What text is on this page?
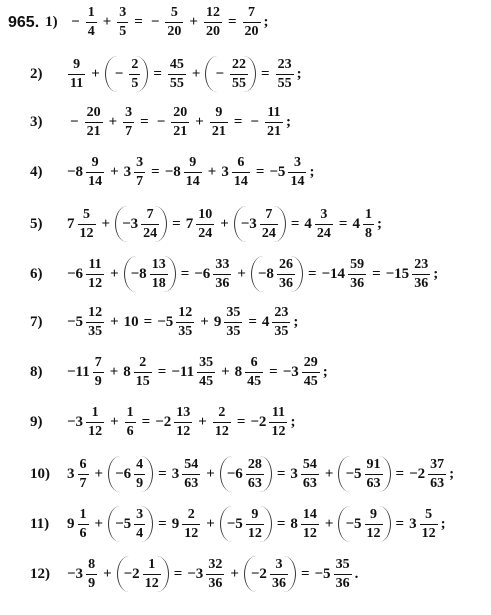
965. $1) - \frac{1}{4} + \frac{3}{5}$ = − $\frac{5}{20} + \frac{12}{20} = \frac{7}{20}$ ;
2)	$\frac{9}{11}$ + − $\frac{2}{5} = \frac{45}{55}$ + − $\frac{22}{55} = \frac{23}{55}$ ;
3)	− $\frac{20}{21} + \frac{3}{7}$ = − $\frac{20}{21} + \frac{9}{21}$ = − $\frac{11}{21}$ ;
4)	$-8 \frac{9}{14} + 3 \frac{3}{7} = -8 \frac{9}{14} + 3 \frac{6}{14} = -5 \frac{3}{14}$ ;
5)	$7 \frac{5}{12} + -3 \frac{7}{24} = 7 \frac{10}{24} + -3 \frac{7}{24} = 4 \frac{3}{24} = 4 \frac{1}{8}$ ;
6)	$-6 \frac{11}{12} + -8 \frac{13}{18} = -6 \frac{33}{36} + -8 \frac{26}{36} = -14 \frac{59}{36} = -15 \frac{23}{36}$ ;
7)	$-5 \frac{12}{35} + 10 = -5 \frac{12}{35} + 9 \frac{35}{35} = 4 \frac{23}{35}$ ;
8)	$-11 \frac{7}{9} + 8 \frac{2}{15} = -11 \frac{35}{45} + 8 \frac{6}{45} = -3 \frac{29}{45}$ ;
9)	$-3 \frac{1}{12} + \frac{1}{6} = -2 \frac{13}{12} + \frac{2}{12} = -2 \frac{11}{12}$ ;
10)	$3 \frac{6}{7} + -6 \frac{4}{9} = 3 \frac{54}{63} + -6 \frac{28}{63} = 3 \frac{54}{63} + -5 \frac{91}{63} = -2 \frac{37}{63}$ ;
11)	$9 \frac{1}{6} + -5 \frac{3}{4} = 9 \frac{2}{12} + -5 \frac{9}{12} = 8 \frac{14}{12} + -5 \frac{9}{12} = 3 \frac{5}{12}$ ;
12)	$-3 \frac{8}{9} + -2 \frac{1}{12} = -3 \frac{32}{36} + -2 \frac{3}{36} = -5 \frac{35}{36}$ .
